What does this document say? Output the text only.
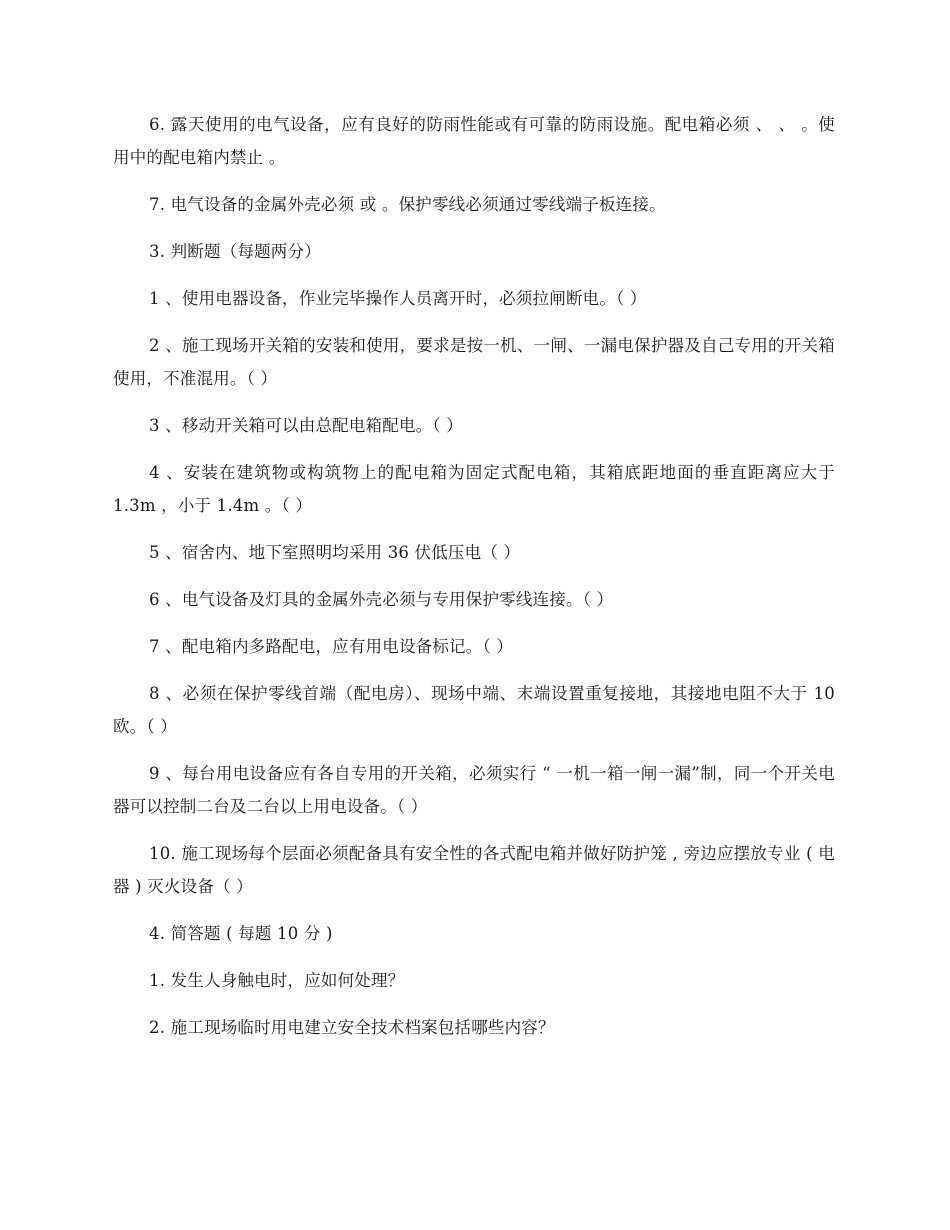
6. 露天使用的电气设备，应有良好的防雨性能或有可靠的防雨设施。配电箱必须 、 、 。使用中的配电箱内禁止 。

7. 电气设备的金属外壳必须 或 。保护零线必须通过零线端子板连接。

3. 判断题（每题两分）

1 、使用电器设备，作业完毕操作人员离开时，必须拉闸断电。（ ）

2 、施工现场开关箱的安装和使用，要求是按一机、一闸、一漏电保护器及自己专用的开关箱使用，不准混用。（ ）

3 、移动开关箱可以由总配电箱配电。（ ）

4 、安装在建筑物或构筑物上的配电箱为固定式配电箱，其箱底距地面的垂直距离应大于 1.3m ，小于 1.4m 。（ ）

5 、宿舍内、地下室照明均采用 36 伏低压电（ ）

6 、电气设备及灯具的金属外壳必须与专用保护零线连接。（ ）

7 、配电箱内多路配电，应有用电设备标记。（ ）

8 、必须在保护零线首端（配电房）、现场中端、末端设置重复接地，其接地电阻不大于 10 欧。（ ）

9 、每台用电设备应有各自专用的开关箱，必须实行 “ 一机一箱一闸一漏”制，同一个开关电器可以控制二台及二台以上用电设备。（ ）

10. 施工现场每个层面必须配备具有安全性的各式配电箱并做好防护笼 , 旁边应摆放专业 ( 电器 ) 灭火设备（ ）

4. 简答题 ( 每题 10 分 )

1. 发生人身触电时，应如何处理？

2. 施工现场临时用电建立安全技术档案包括哪些内容？
